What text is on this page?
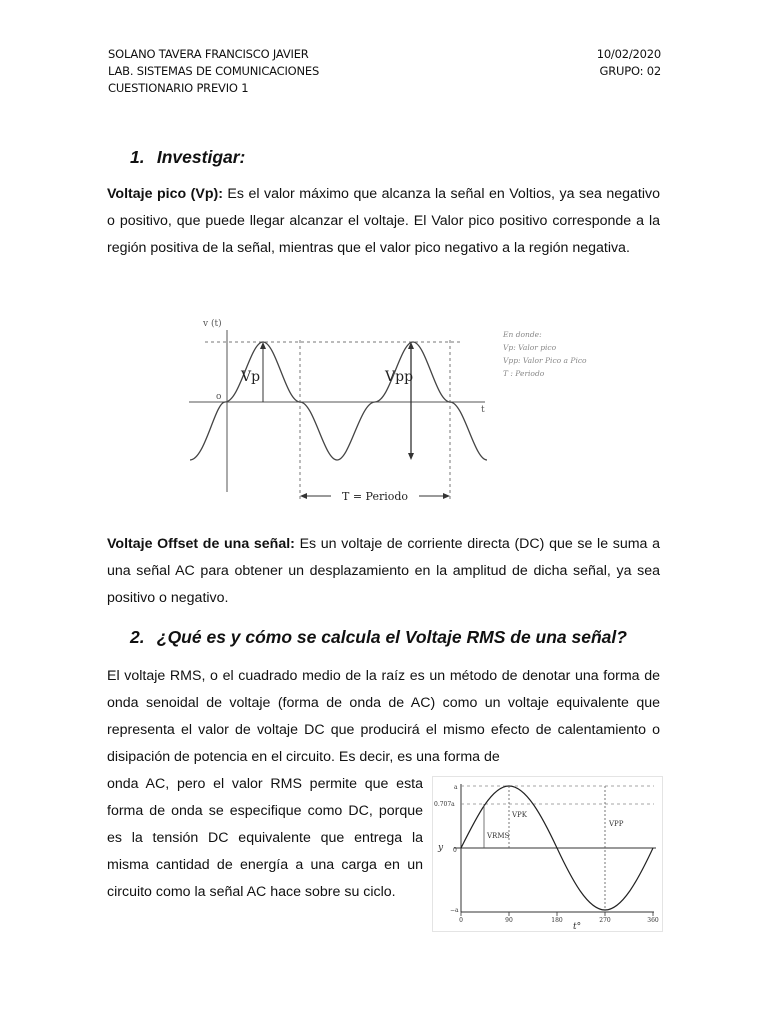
SOLANO TAVERA FRANCISCO JAVIER
LAB. SISTEMAS DE COMUNICACIONES
CUESTIONARIO PREVIO 1
10/02/2020
GRUPO: 02
1. Investigar:
Voltaje pico (Vp): Es el valor máximo que alcanza la señal en Voltios, ya sea negativo o positivo, que puede llegar alcanzar el voltaje. El Valor pico positivo corresponde a la región positiva de la señal, mientras que el valor pico negativo a la región negativa.
v (t)
t
o
Vp	Vpp
T = Periodo
En donde:
Vp: Valor pico
Vpp: Valor Pico a Pico
T : Periodo
Voltaje Offset de una señal: Es un voltaje de corriente directa (DC) que se le suma a una señal AC para obtener un desplazamiento en la amplitud de dicha señal, ya sea positivo o negativo.
2. ¿Qué es y cómo se calcula el Voltaje RMS de una señal?
El voltaje RMS, o el cuadrado medio de la raíz es un método de denotar una forma de onda senoidal de voltaje (forma de onda de AC) como un voltaje equivalente que representa el valor de voltaje DC que producirá el mismo efecto de calentamiento o disipación de potencia en el circuito. Es decir, es una forma de
onda AC, pero el valor RMS permite que esta forma de onda se especifique como DC, porque es la tensión DC equivalente que entrega la misma cantidad de energía a una carga en un circuito como la señal AC hace sobre su ciclo.
a
0.707a
y 0
−a
VPK
VRMS
VPP
0	90	180	270	360
t°
